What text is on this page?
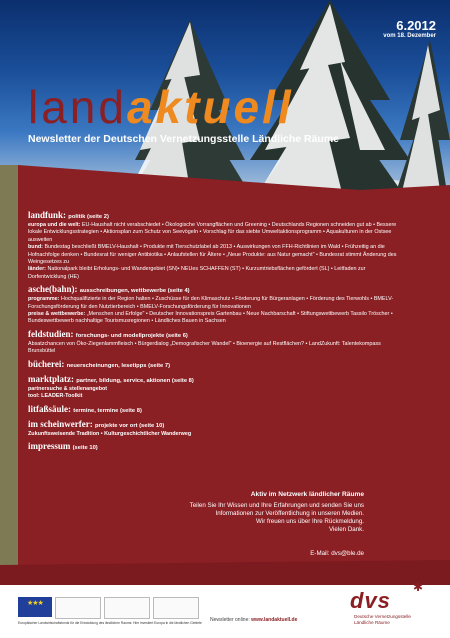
6.2012
vom 18. Dezember
landaktuell
Newsletter der Deutschen Vernetzungsstelle Ländliche Räume
landfunk: politik (seite 2)
europa und die welt: EU-Haushalt nicht verabschiedet • Ökologische Vorrangflächen und Greening • Deutschlands Regionen schneiden gut ab • Bessere lokale Entwicklungsstrategien • Aktionsplan zum Schutz von Seevögeln • Vorschlag für das siebte Umweltaktionsprogramm • Aquakulturen in der Ostsee ausweiten
bund: Bundestag beschließt BMELV-Haushalt • Produkte mit Tierschutzlabel ab 2013 • Auswirkungen von FFH-Richtlinien im Wald • Frühzeitig an die Hofnachfolge denken • Bundesrat für weniger Antibiotika • Anlaufstellen für Ältere • „Neue Produkte: aus Natur gemacht" • Bundesrat stimmt Änderung des Weingesetzes zu
länder: Nationalpark bleibt Erholungs- und Wandergebiet (SN)• NEUes SCHAFFEN (ST) • Kurzumtriebsflächen gefördert (SL) • Leitfaden zur Dorfentwicklung (HE)
asche(bahn): ausschreibungen, wettbewerbe (seite 4)
programme: Hochqualifizierte in der Region halten • Zuschüsse für den Klimaschutz • Förderung für Bürgeranlagen • Förderung des Tierwohls • BMELV-Forschungsförderung für den Nutztierbereich • BMELV-Forschungsförderung für Innovationen
preise & wettbewerbe: „Menschen und Erfolge" • Deutscher Innovationspreis Gartenbau • Neue Nachbarschaft • Stiftungswettbewerb Tassilo Tröscher • Bundeswettbewerb nachhaltige Tourismusregionen • Ländliches Bauen in Sachsen
feldstudien: forschungs- und modellprojekte (seite 6)
Absatzchancen von Öko-Ziegenlammfleisch • Bürgerdialog „Demografischer Wandel" • Bioenergie auf Restflächen? • LandZukunft: Talentekompass Brunsbüttel
bücherei: neuerscheinungen, lesetipps (seite 7)
marktplatz: partner, bildung, service, aktionen (seite 8)
partnersuche & stellenangebot
tool: LEADER-Toolkit
litfaßsäule: termine, termine (seite 8)
im scheinwerfer: projekte vor ort (seite 10)
Zukunftsweisende Tradition • Kulturgeschichtlicher Wanderweg
impressum (seite 10)
Aktiv im Netzwerk ländlicher Räume
Teilen Sie Ihr Wissen und Ihre Erfahrungen und senden Sie uns
Informationen zur Veröffentlichung in unseren Medien.
Wir freuen uns über Ihre Rückmeldung.
Vielen Dank.
E-Mail: dvs@ble.de
★★★
Europäischer Landwirtschaftsfonds für die Entwicklung des ländlichen Raums: Hier investiert Europa in die ländlichen Gebiete Newsletter online: www.landaktuell.de
dvs
✱
Deutsche Vernetzungsstelle
Ländliche Räume
